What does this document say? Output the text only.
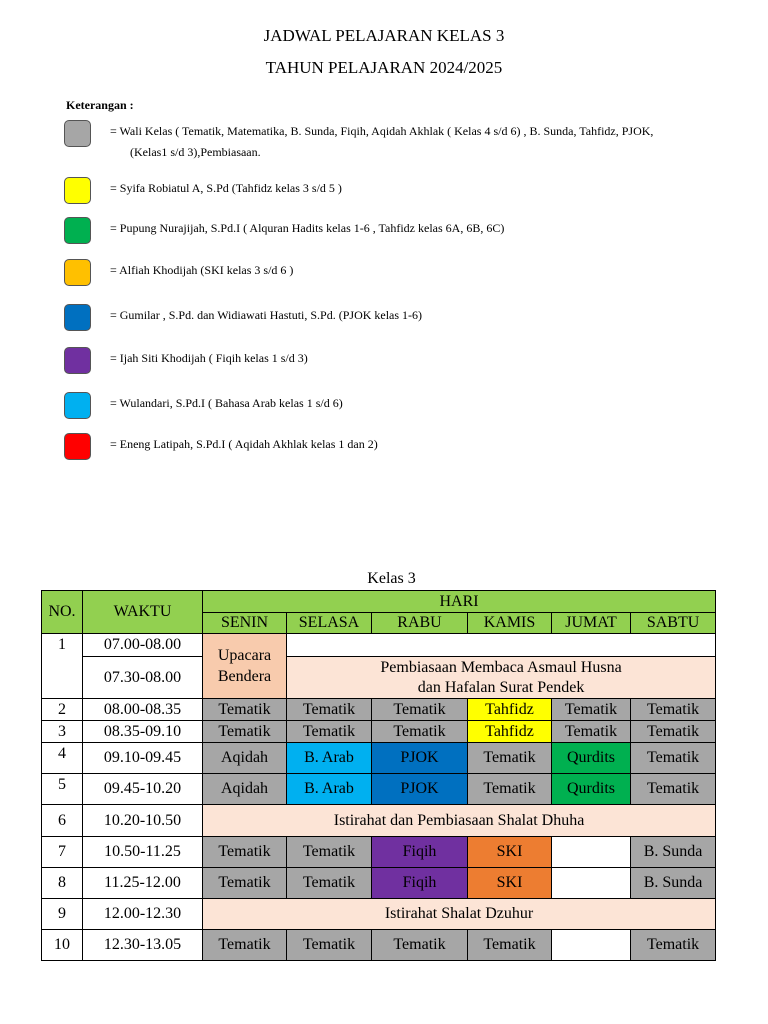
JADWAL PELAJARAN KELAS 3
TAHUN PELAJARAN 2024/2025
Keterangan :
= Wali Kelas ( Tematik, Matematika, B. Sunda, Fiqih, Aqidah Akhlak ( Kelas 4 s/d 6) , B. Sunda, Tahfidz, PJOK,
(Kelas1 s/d 3),Pembiasaan.
= Syifa Robiatul A, S.Pd (Tahfidz kelas 3 s/d 5 )
= Pupung Nurajijah, S.Pd.I ( Alquran Hadits kelas 1-6 , Tahfidz kelas 6A, 6B, 6C)
= Alfiah Khodijah (SKI kelas 3 s/d 6 )
= Gumilar , S.Pd. dan Widiawati Hastuti, S.Pd. (PJOK kelas 1-6)
= Ijah Siti Khodijah ( Fiqih kelas 1 s/d 3)
= Wulandari, S.Pd.I ( Bahasa Arab kelas 1 s/d 6)
= Eneng Latipah, S.Pd.I ( Aqidah Akhlak kelas 1 dan 2)
Kelas 3
NO.	WAKTU	HARI					
		SENIN	SELASA	RABU	KAMIS	JUMAT	SABTU
1	07.00-08.00	Upacara
Bendera					
	07.30-08.00		Pembiasaan Membaca Asmaul Husna
dan Hafalan Surat Pendek				
2	08.00-08.35	Tematik	Tematik	Tematik	Tahfidz	Tematik	Tematik
3	08.35-09.10	Tematik	Tematik	Tematik	Tahfidz	Tematik	Tematik
4	09.10-09.45	Aqidah	B. Arab	PJOK	Tematik	Qurdits	Tematik
5	09.45-10.20	Aqidah	B. Arab	PJOK	Tematik	Qurdits	Tematik
6	10.20-10.50	Istirahat dan Pembiasaan Shalat Dhuha					
7	10.50-11.25	Tematik	Tematik	Fiqih	SKI		B. Sunda
8	11.25-12.00	Tematik	Tematik	Fiqih	SKI		B. Sunda
9	12.00-12.30	Istirahat Shalat Dzuhur					
10	12.30-13.05	Tematik	Tematik	Tematik	Tematik		Tematik
